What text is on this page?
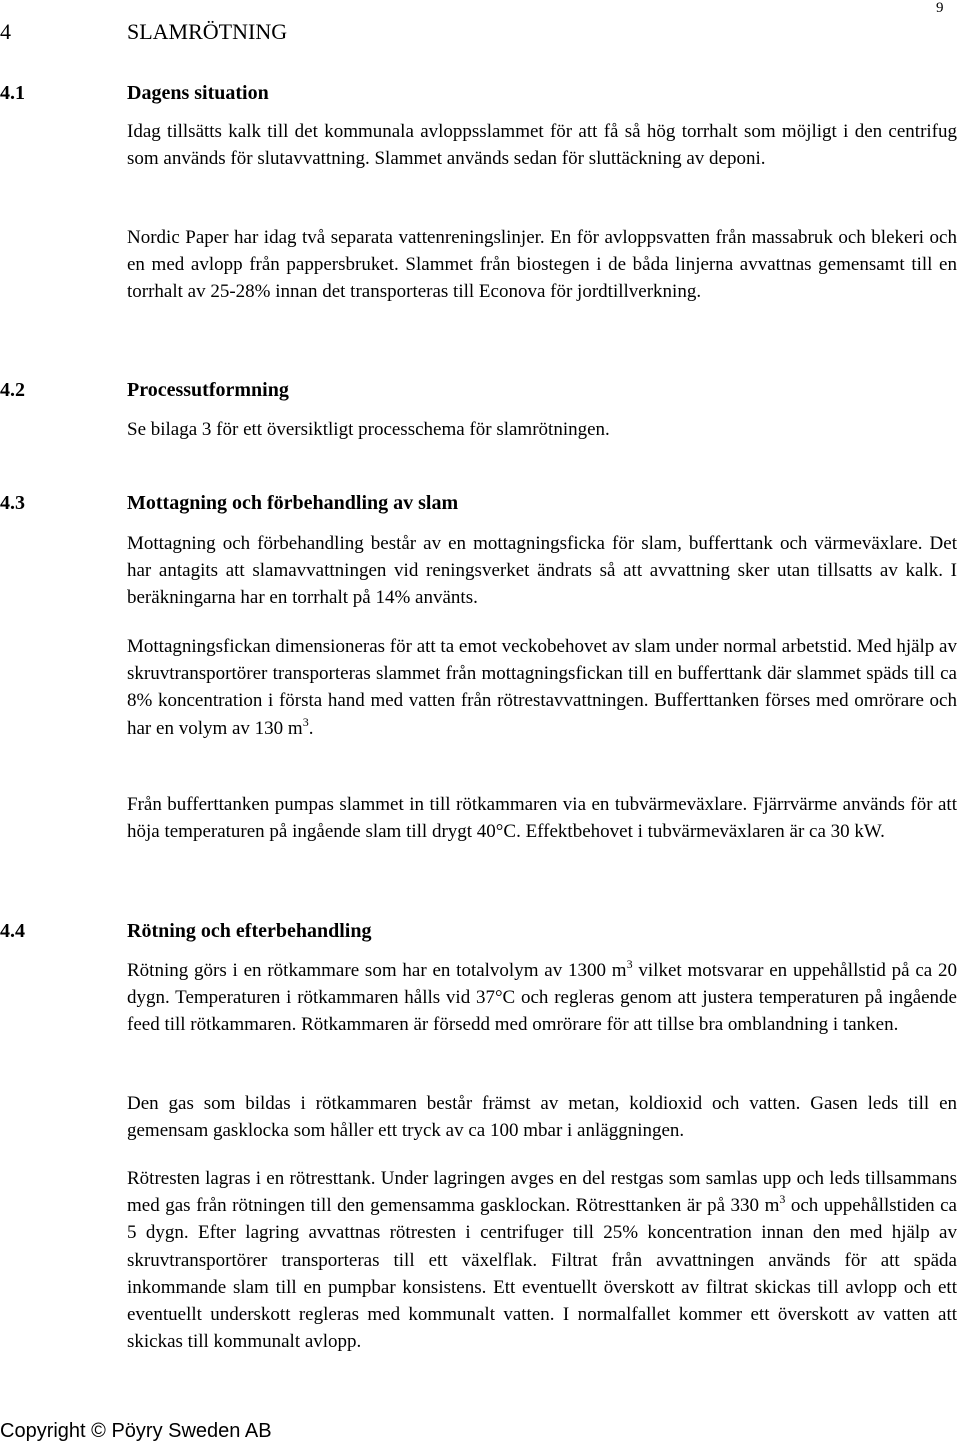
9
4	SLAMRÖTNING
4.1	Dagens situation

Idag tillsätts kalk till det kommunala avloppsslammet för att få så hög torrhalt som möjligt i den centrifug som används för slutavvattning. Slammet används sedan för sluttäckning av deponi.

Nordic Paper har idag två separata vattenreningslinjer. En för avloppsvatten från massabruk och blekeri och en med avlopp från pappersbruket. Slammet från biostegen i de båda linjerna avvattnas gemensamt till en torrhalt av 25-28% innan det transporteras till Econova för jordtillverkning.

4.2	Processutformning

Se bilaga 3 för ett översiktligt processchema för slamrötningen.

4.3	Mottagning och förbehandling av slam

Mottagning och förbehandling består av en mottagningsficka för slam, bufferttank och värmeväxlare. Det har antagits att slamavvattningen vid reningsverket ändrats så att avvattning sker utan tillsatts av kalk. I beräkningarna har en torrhalt på 14% använts.

Mottagningsfickan dimensioneras för att ta emot veckobehovet av slam under normal arbetstid. Med hjälp av skruvtransportörer transporteras slammet från mottagningsfickan till en bufferttank där slammet späds till ca 8% koncentration i första hand med vatten från rötrestavvattningen. Bufferttanken förses med omrörare och har en volym av 130 $m^3$.

Från bufferttanken pumpas slammet in till rötkammaren via en tubvärmeväxlare. Fjärrvärme används för att höja temperaturen på ingående slam till drygt 40°C. Effektbehovet i tubvärmeväxlaren är ca 30 kW.

4.4	Rötning och efterbehandling

Rötning görs i en rötkammare som har en totalvolym av 1300 $m^3$ vilket motsvarar en uppehållstid på ca 20 dygn. Temperaturen i rötkammaren hålls vid 37°C och regleras genom att justera temperaturen på ingående feed till rötkammaren. Rötkammaren är försedd med omrörare för att tillse bra omblandning i tanken.

Den gas som bildas i rötkammaren består främst av metan, koldioxid och vatten. Gasen leds till en gemensam gasklocka som håller ett tryck av ca 100 mbar i anläggningen.

Rötresten lagras i en rötresttank. Under lagringen avges en del restgas som samlas upp och leds tillsammans med gas från rötningen till den gemensamma gasklockan. Rötresttanken är på 330 $m^3$ och uppehållstiden ca 5 dygn. Efter lagring avvattnas rötresten i centrifuger till 25% koncentration innan den med hjälp av skruvtransportörer transporteras till ett växelflak. Filtrat från avvattningen används för att späda inkommande slam till en pumpbar konsistens. Ett eventuellt överskott av filtrat skickas till avlopp och ett eventuellt underskott regleras med kommunalt vatten. I normalfallet kommer ett överskott av vatten att skickas till kommunalt avlopp.

Copyright © Pöyry Sweden AB
